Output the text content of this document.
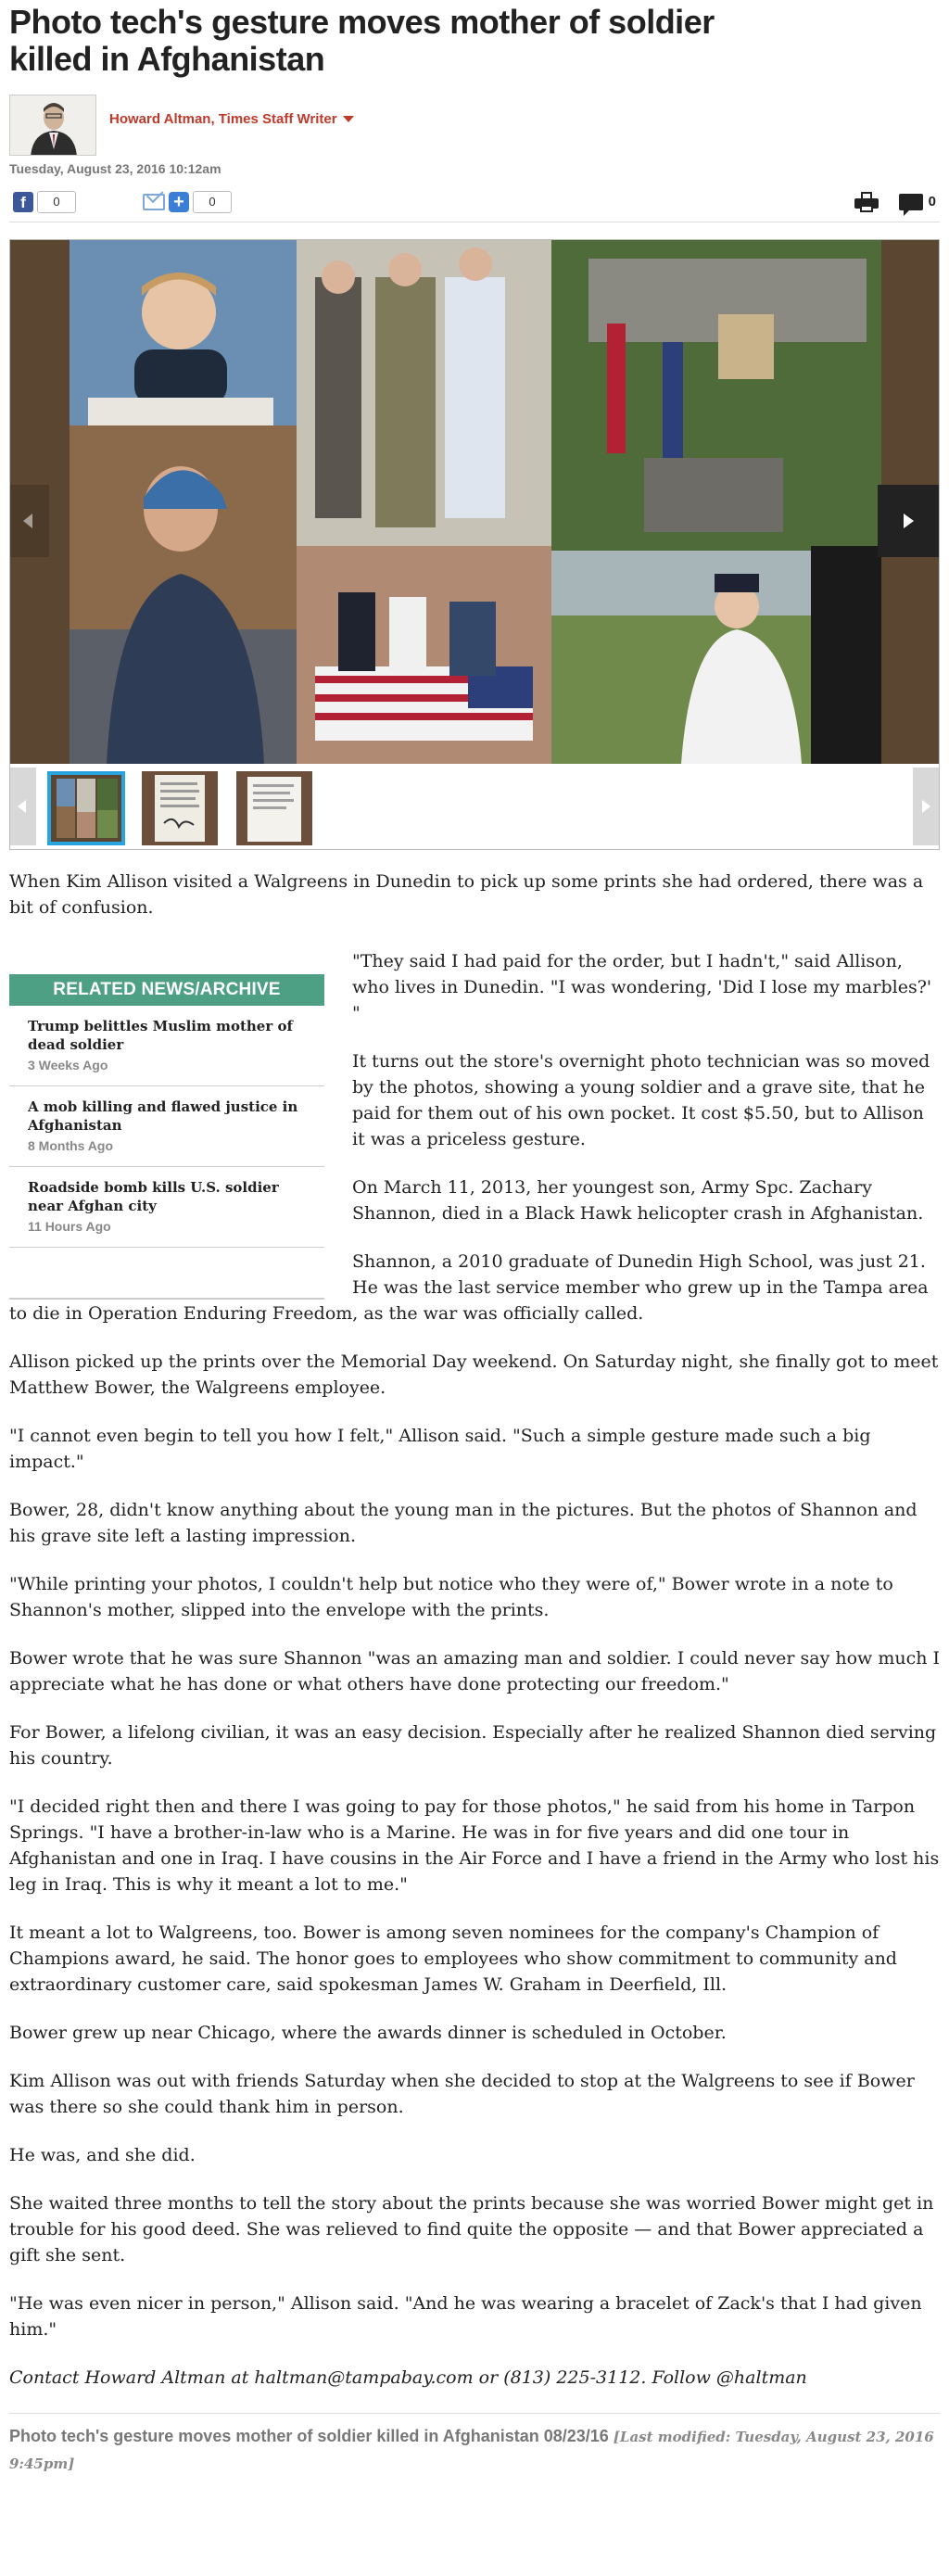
Photo tech's gesture moves mother of soldier killed in Afghanistan
Howard Altman, Times Staff Writer
Tuesday, August 23, 2016 10:12am
f	0	+	0	0

When Kim Allison visited a Walgreens in Dunedin to pick up some prints she had ordered, there was a bit of confusion.

RELATED NEWS/ARCHIVE
Trump belittles Muslim mother of dead soldier
3 Weeks Ago
A mob killing and flawed justice in Afghanistan
8 Months Ago
Roadside bomb kills U.S. soldier near Afghan city
11 Hours Ago

"They said I had paid for the order, but I hadn't," said Allison, who lives in Dunedin. "I was wondering, 'Did I lose my marbles?' "

It turns out the store's overnight photo technician was so moved by the photos, showing a young soldier and a grave site, that he paid for them out of his own pocket. It cost $5.50, but to Allison it was a priceless gesture.

On March 11, 2013, her youngest son, Army Spc. Zachary Shannon, died in a Black Hawk helicopter crash in Afghanistan.

Shannon, a 2010 graduate of Dunedin High School, was just 21. He was the last service member who grew up in the Tampa area to die in Operation Enduring Freedom, as the war was officially called.

Allison picked up the prints over the Memorial Day weekend. On Saturday night, she finally got to meet Matthew Bower, the Walgreens employee.

"I cannot even begin to tell you how I felt," Allison said. "Such a simple gesture made such a big impact."

Bower, 28, didn't know anything about the young man in the pictures. But the photos of Shannon and his grave site left a lasting impression.

"While printing your photos, I couldn't help but notice who they were of," Bower wrote in a note to Shannon's mother, slipped into the envelope with the prints.

Bower wrote that he was sure Shannon "was an amazing man and soldier. I could never say how much I appreciate what he has done or what others have done protecting our freedom."

For Bower, a lifelong civilian, it was an easy decision. Especially after he realized Shannon died serving his country.

"I decided right then and there I was going to pay for those photos," he said from his home in Tarpon Springs. "I have a brother-in-law who is a Marine. He was in for five years and did one tour in Afghanistan and one in Iraq. I have cousins in the Air Force and I have a friend in the Army who lost his leg in Iraq. This is why it meant a lot to me."

It meant a lot to Walgreens, too. Bower is among seven nominees for the company's Champion of Champions award, he said. The honor goes to employees who show commitment to community and extraordinary customer care, said spokesman James W. Graham in Deerfield, Ill.

Bower grew up near Chicago, where the awards dinner is scheduled in October.

Kim Allison was out with friends Saturday when she decided to stop at the Walgreens to see if Bower was there so she could thank him in person.

He was, and she did.

She waited three months to tell the story about the prints because she was worried Bower might get in trouble for his good deed. She was relieved to find quite the opposite — and that Bower appreciated a gift she sent.

"He was even nicer in person," Allison said. "And he was wearing a bracelet of Zack's that I had given him."

Contact Howard Altman at haltman@tampabay.com or (813) 225-3112. Follow @haltman

Photo tech's gesture moves mother of soldier killed in Afghanistan 08/23/16 [Last modified: Tuesday, August 23, 2016 9:45pm]
